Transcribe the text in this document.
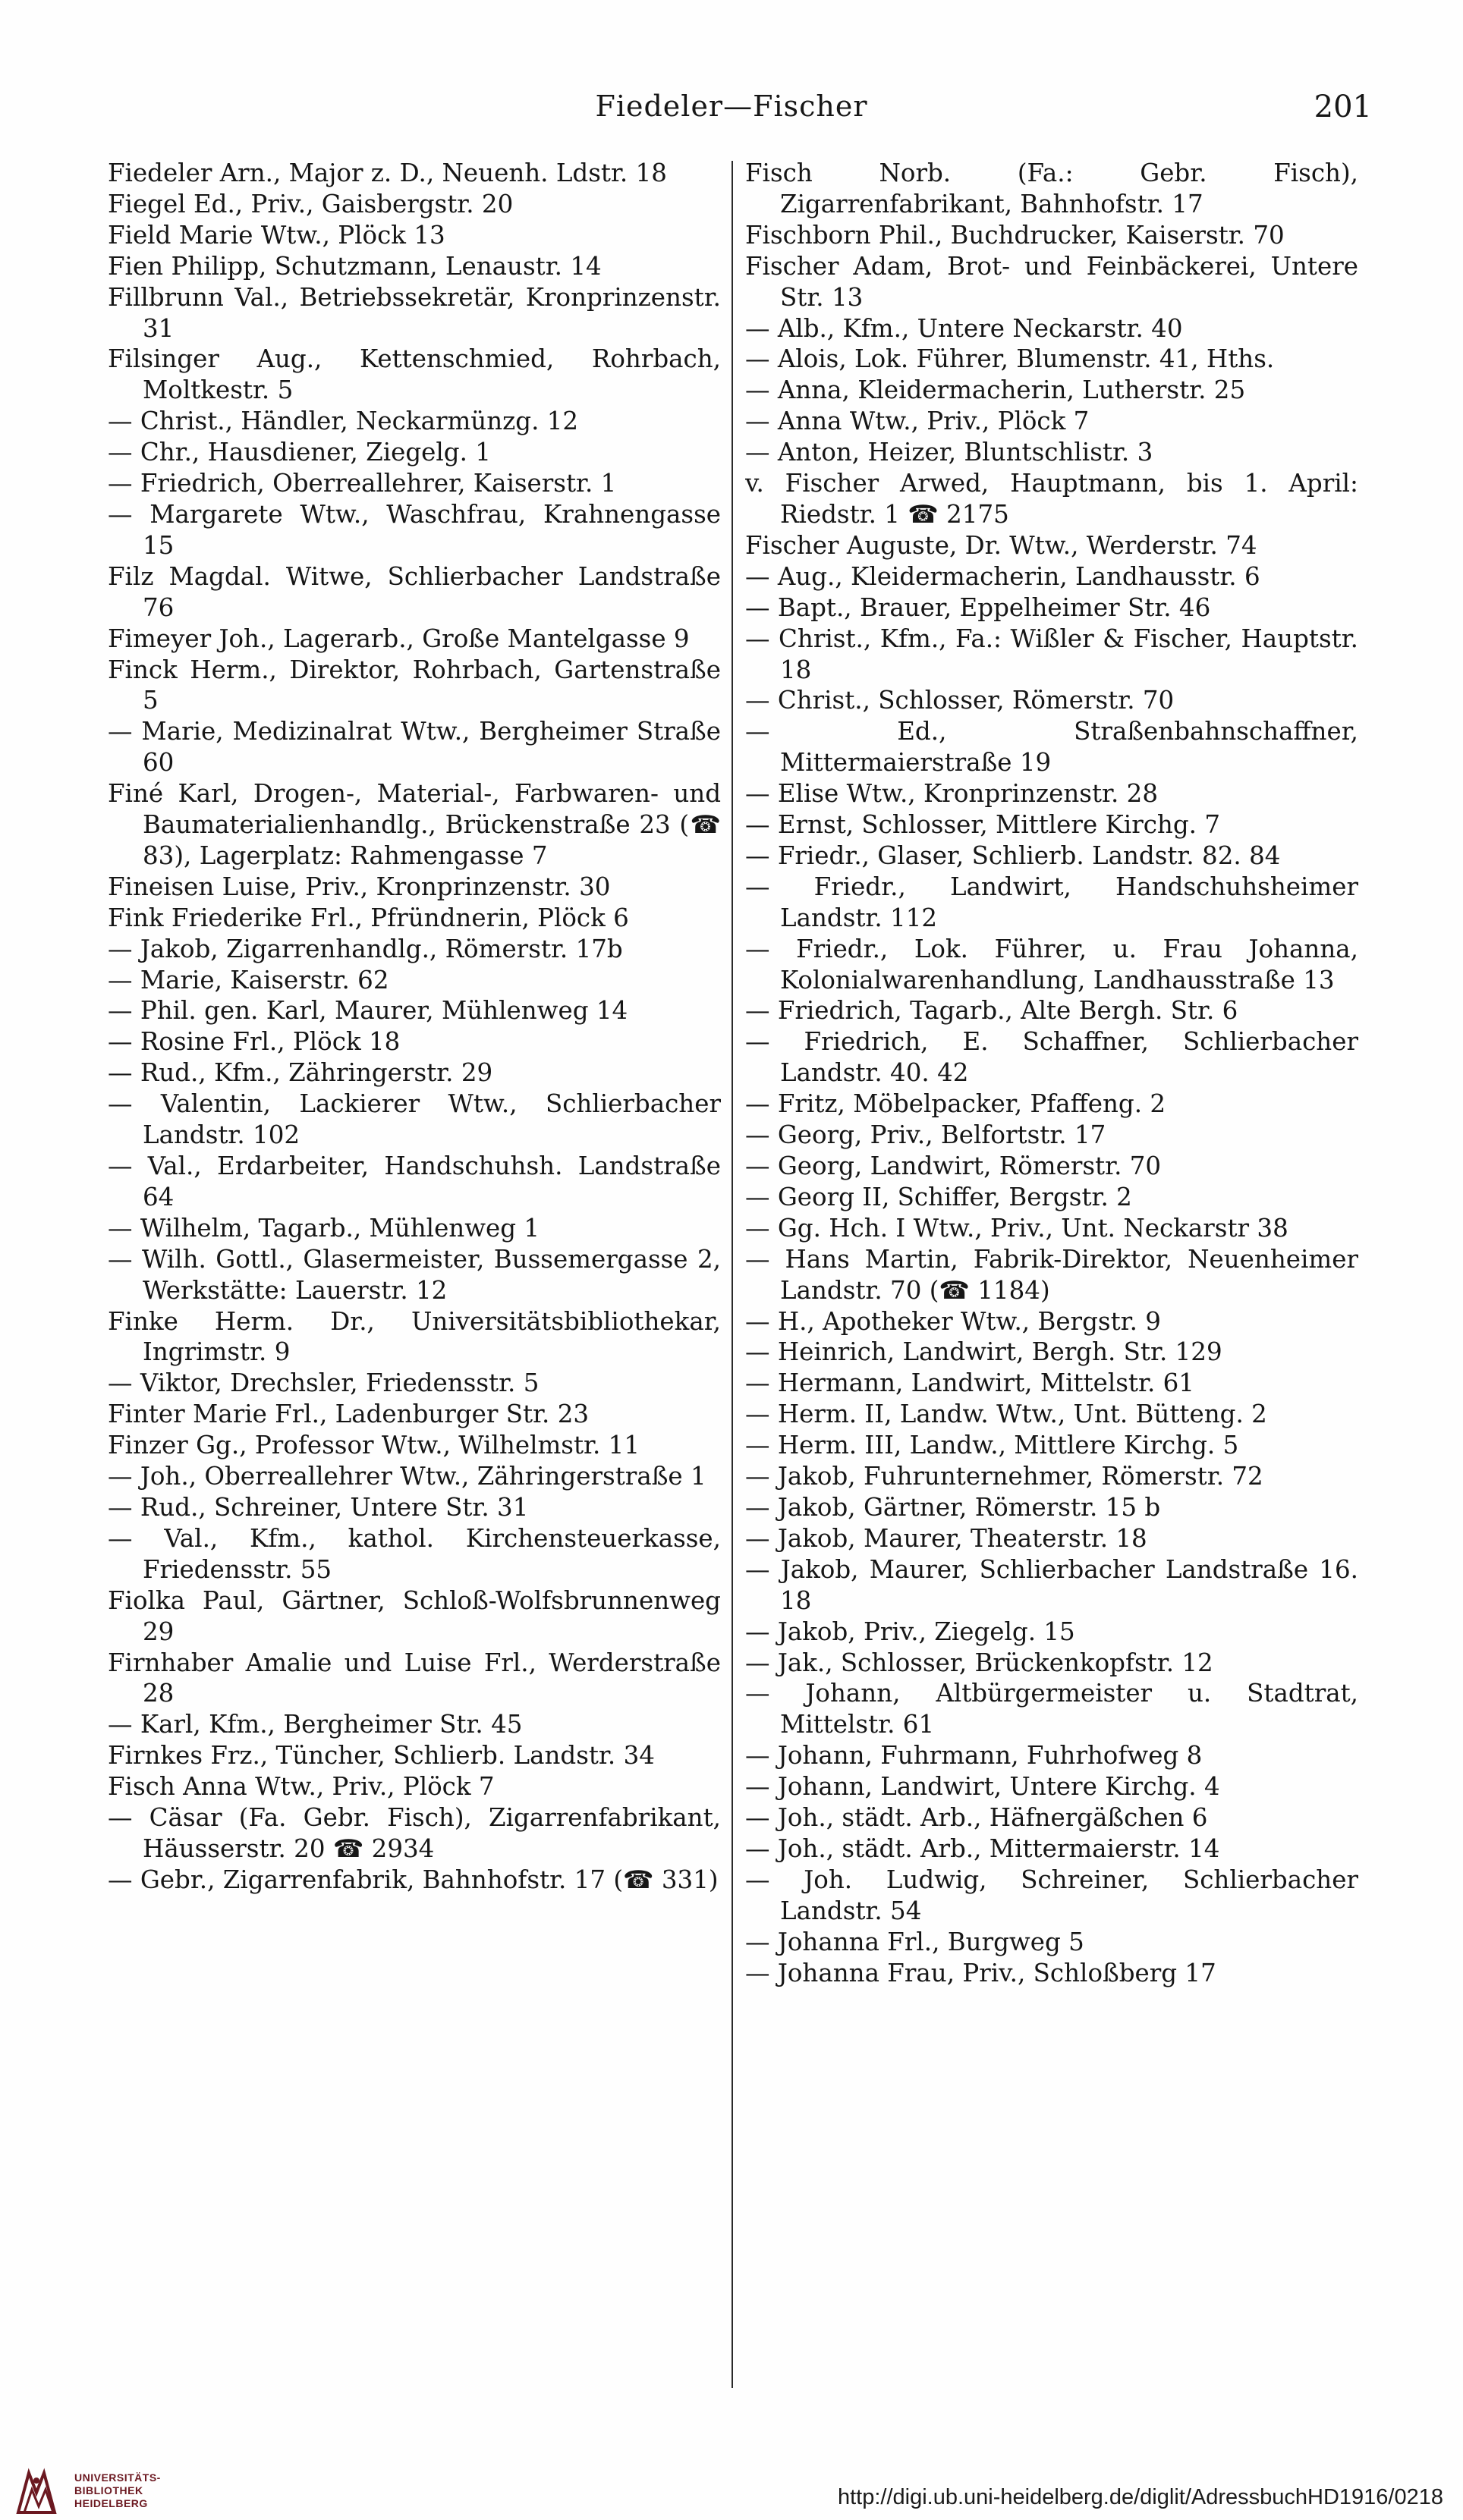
Fiedeler—Fischer	201

Fiedeler Arn., Major z. D., Neuenh. Ldstr. 18

Fiegel Ed., Priv., Gaisbergstr. 20

Field Marie Wtw., Plöck 13

Fien Philipp, Schutzmann, Lenaustr. 14

Fillbrunn Val., Betriebssekretär, Kronprinzenstr. 31

Filsinger Aug., Kettenschmied, Rohrbach, Moltkestr. 5

— Christ., Händler, Neckarmünzg. 12

— Chr., Hausdiener, Ziegelg. 1

— Friedrich, Oberreallehrer, Kaiserstr. 1

— Margarete Wtw., Waschfrau, Krahnengasse 15

Filz Magdal. Witwe, Schlierbacher Landstraße 76

Fimeyer Joh., Lagerarb., Große Mantelgasse 9

Finck Herm., Direktor, Rohrbach, Gartenstraße 5

— Marie, Medizinalrat Wtw., Bergheimer Straße 60

Finé Karl, Drogen-, Material-, Farbwaren- und Baumaterialienhandlg., Brückenstraße 23 (☎ 83), Lagerplatz: Rahmengasse 7

Fineisen Luise, Priv., Kronprinzenstr. 30

Fink Friederike Frl., Pfründnerin, Plöck 6

— Jakob, Zigarrenhandlg., Römerstr. 17b

— Marie, Kaiserstr. 62

— Phil. gen. Karl, Maurer, Mühlenweg 14

— Rosine Frl., Plöck 18

— Rud., Kfm., Zähringerstr. 29

— Valentin, Lackierer Wtw., Schlierbacher Landstr. 102

— Val., Erdarbeiter, Handschuhsh. Landstraße 64

— Wilhelm, Tagarb., Mühlenweg 1

— Wilh. Gottl., Glasermeister, Bussemergasse 2, Werkstätte: Lauerstr. 12

Finke Herm. Dr., Universitätsbibliothekar, Ingrimstr. 9

— Viktor, Drechsler, Friedensstr. 5

Finter Marie Frl., Ladenburger Str. 23

Finzer Gg., Professor Wtw., Wilhelmstr. 11

— Joh., Oberreallehrer Wtw., Zähringerstraße 1

— Rud., Schreiner, Untere Str. 31

— Val., Kfm., kathol. Kirchensteuerkasse, Friedensstr. 55

Fiolka Paul, Gärtner, Schloß-Wolfsbrunnenweg 29

Firnhaber Amalie und Luise Frl., Werderstraße 28

— Karl, Kfm., Bergheimer Str. 45

Firnkes Frz., Tüncher, Schlierb. Landstr. 34

Fisch Anna Wtw., Priv., Plöck 7

— Cäsar (Fa. Gebr. Fisch), Zigarrenfabrikant, Häusserstr. 20 ☎ 2934

— Gebr., Zigarrenfabrik, Bahnhofstr. 17 (☎ 331)

Fisch Norb. (Fa.: Gebr. Fisch), Zigarrenfabrikant, Bahnhofstr. 17

Fischborn Phil., Buchdrucker, Kaiserstr. 70

Fischer Adam, Brot- und Feinbäckerei, Untere Str. 13

— Alb., Kfm., Untere Neckarstr. 40

— Alois, Lok. Führer, Blumenstr. 41, Hths.

— Anna, Kleidermacherin, Lutherstr. 25

— Anna Wtw., Priv., Plöck 7

— Anton, Heizer, Bluntschlistr. 3

v. Fischer Arwed, Hauptmann, bis 1. April: Riedstr. 1 ☎ 2175

Fischer Auguste, Dr. Wtw., Werderstr. 74

— Aug., Kleidermacherin, Landhausstr. 6

— Bapt., Brauer, Eppelheimer Str. 46

— Christ., Kfm., Fa.: Wißler & Fischer, Hauptstr. 18

— Christ., Schlosser, Römerstr. 70

— Ed., Straßenbahnschaffner, Mittermaierstraße 19

— Elise Wtw., Kronprinzenstr. 28

— Ernst, Schlosser, Mittlere Kirchg. 7

— Friedr., Glaser, Schlierb. Landstr. 82. 84

— Friedr., Landwirt, Handschuhsheimer Landstr. 112

— Friedr., Lok. Führer, u. Frau Johanna, Kolonialwarenhandlung, Landhausstraße 13

— Friedrich, Tagarb., Alte Bergh. Str. 6

— Friedrich, E. Schaffner, Schlierbacher Landstr. 40. 42

— Fritz, Möbelpacker, Pfaffeng. 2

— Georg, Priv., Belfortstr. 17

— Georg, Landwirt, Römerstr. 70

— Georg II, Schiffer, Bergstr. 2

— Gg. Hch. I Wtw., Priv., Unt. Neckarstr 38

— Hans Martin, Fabrik-Direktor, Neuenheimer Landstr. 70 (☎ 1184)

— H., Apotheker Wtw., Bergstr. 9

— Heinrich, Landwirt, Bergh. Str. 129

— Hermann, Landwirt, Mittelstr. 61

— Herm. II, Landw. Wtw., Unt. Bütteng. 2

— Herm. III, Landw., Mittlere Kirchg. 5

— Jakob, Fuhrunternehmer, Römerstr. 72

— Jakob, Gärtner, Römerstr. 15 b

— Jakob, Maurer, Theaterstr. 18

— Jakob, Maurer, Schlierbacher Landstraße 16. 18

— Jakob, Priv., Ziegelg. 15

— Jak., Schlosser, Brückenkopfstr. 12

— Johann, Altbürgermeister u. Stadtrat, Mittelstr. 61

— Johann, Fuhrmann, Fuhrhofweg 8

— Johann, Landwirt, Untere Kirchg. 4

— Joh., städt. Arb., Häfnergäßchen 6

— Joh., städt. Arb., Mittermaierstr. 14

— Joh. Ludwig, Schreiner, Schlierbacher Landstr. 54

— Johanna Frl., Burgweg 5

— Johanna Frau, Priv., Schloßberg 17

UNIVERSITÄTS-
BIBLIOTHEK
HEIDELBERG	http://digi.ub.uni-heidelberg.de/diglit/AdressbuchHD1916/0218
